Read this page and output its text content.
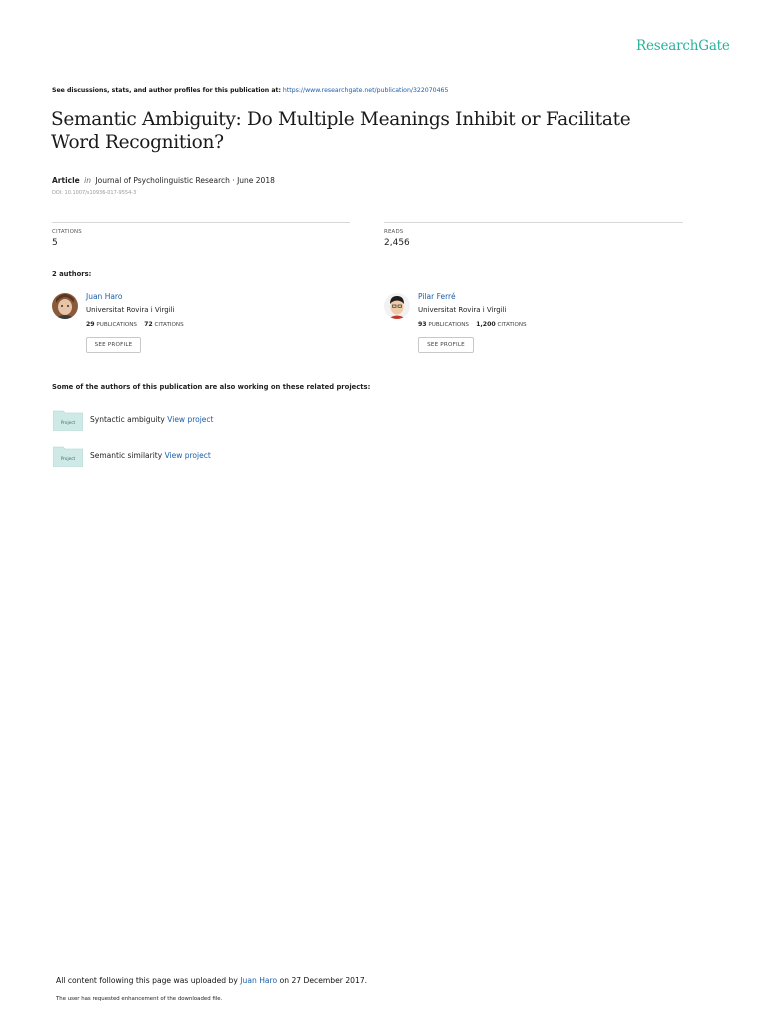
ResearchGate
See discussions, stats, and author profiles for this publication at: https://www.researchgate.net/publication/322070465
Semantic Ambiguity: Do Multiple Meanings Inhibit or Facilitate Word Recognition?
Article in Journal of Psycholinguistic Research · June 2018
DOI: 10.1007/s10936-017-9554-3
CITATIONS
5
READS
2,456
2 authors:
Juan Haro
Universitat Rovira i Virgili
29 PUBLICATIONS 72 CITATIONS
SEE PROFILE
Pilar Ferré
Universitat Rovira i Virgili
93 PUBLICATIONS 1,200 CITATIONS
SEE PROFILE
Some of the authors of this publication are also working on these related projects:
Project Syntactic ambiguity View project
Project Semantic similarity View project
All content following this page was uploaded by Juan Haro on 27 December 2017.
The user has requested enhancement of the downloaded file.
